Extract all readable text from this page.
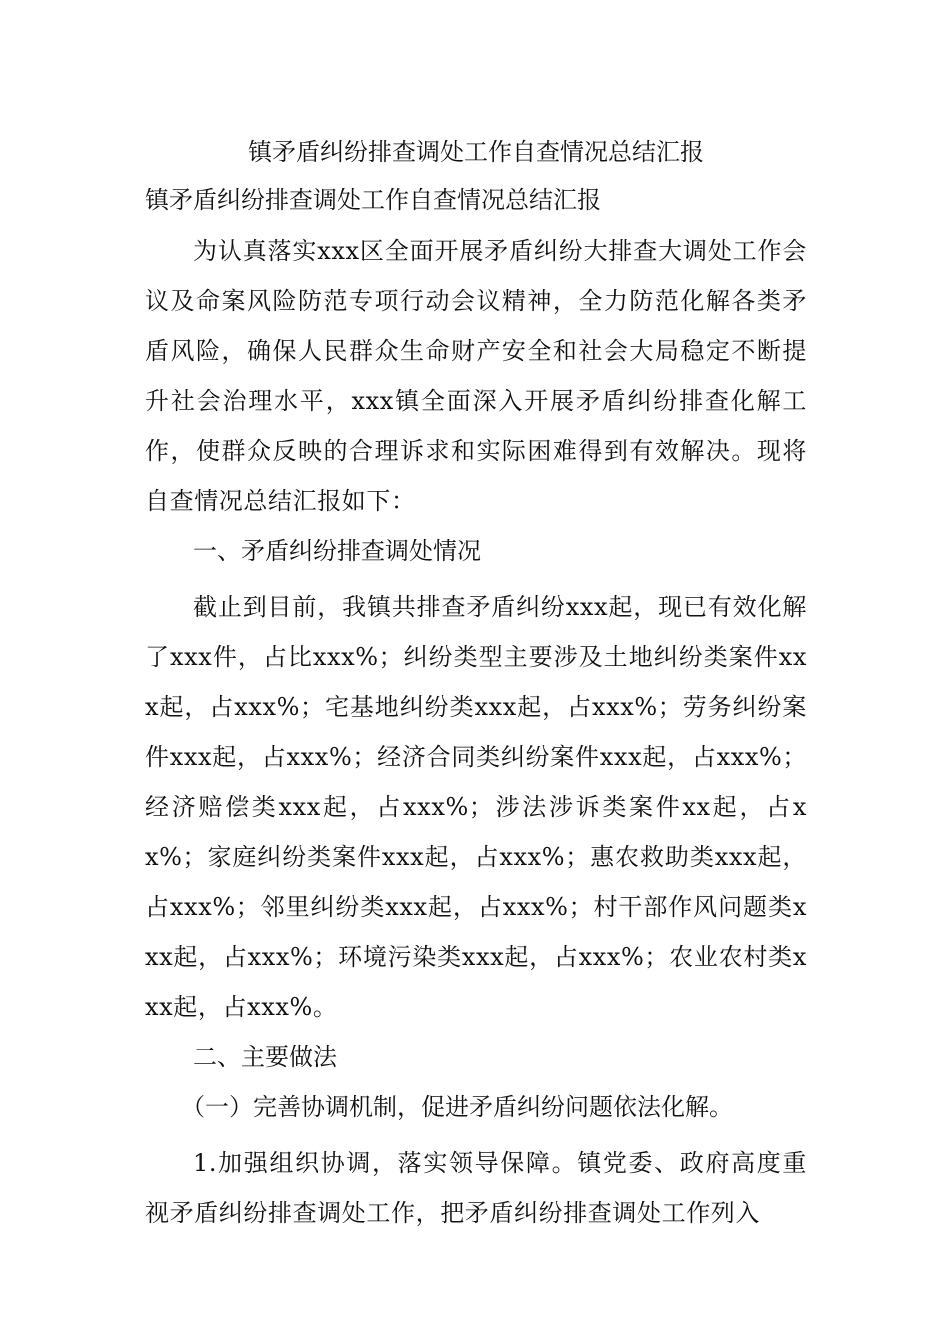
镇矛盾纠纷排查调处工作自查情况总结汇报

镇矛盾纠纷排查调处工作自查情况总结汇报

为认真落实xxx区全面开展矛盾纠纷大排查大调处工作会议及命案风险防范专项行动会议精神，全力防范化解各类矛盾风险，确保人民群众生命财产安全和社会大局稳定不断提升社会治理水平，xxx镇全面深入开展矛盾纠纷排查化解工作，使群众反映的合理诉求和实际困难得到有效解决。现将自查情况总结汇报如下：

一、矛盾纠纷排查调处情况

截止到目前，我镇共排查矛盾纠纷xxx起，现已有效化解了xxx件，占比xxx%；纠纷类型主要涉及土地纠纷类案件xxx起，占xxx%；宅基地纠纷类xxx起，占xxx%；劳务纠纷案件xxx起，占xxx%；经济合同类纠纷案件xxx起，占xxx%；经济赔偿类xxx起，占xxx%；涉法涉诉类案件xx起，占xx%；家庭纠纷类案件xxx起，占xxx%；惠农救助类xxx起，占xxx%；邻里纠纷类xxx起，占xxx%；村干部作风问题类xxx起，占xxx%；环境污染类xxx起，占xxx%；农业农村类xxx起，占xxx%。

二、主要做法

（一）完善协调机制，促进矛盾纠纷问题依法化解。

1.加强组织协调，落实领导保障。镇党委、政府高度重视矛盾纠纷排查调处工作，把矛盾纠纷排查调处工作列入
